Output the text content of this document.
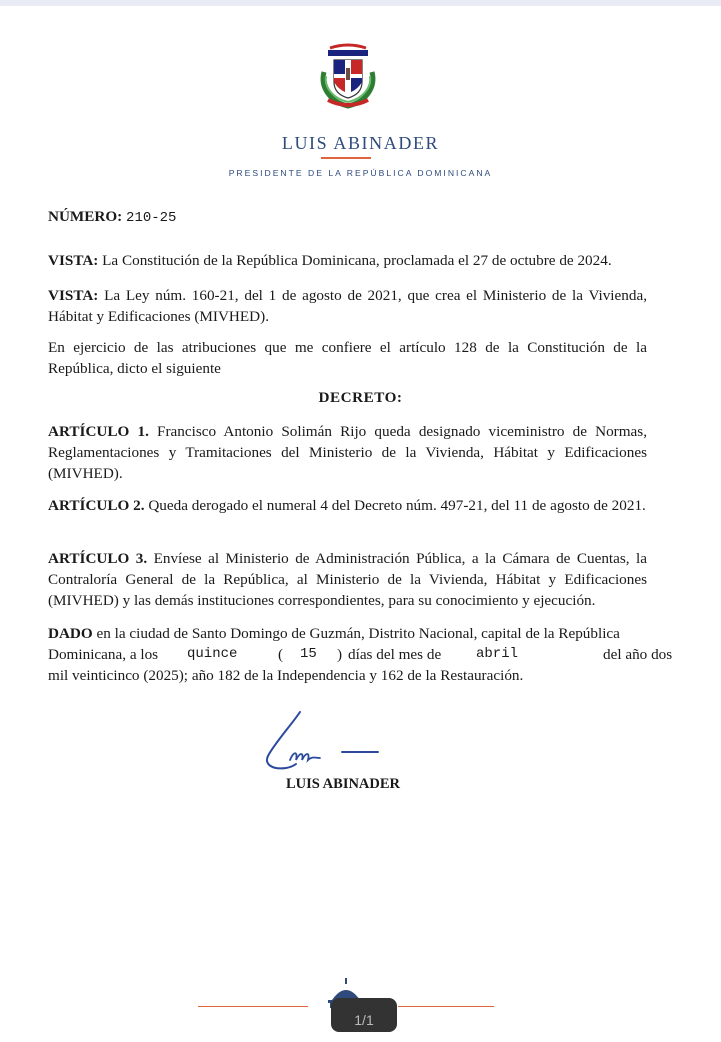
LUIS ABINADER
PRESIDENTE DE LA REPÚBLICA DOMINICANA
NÚMERO: 210-25
VISTA: La Constitución de la República Dominicana, proclamada el 27 de octubre de 2024.
VISTA: La Ley núm. 160-21, del 1 de agosto de 2021, que crea el Ministerio de la Vivienda, Hábitat y Edificaciones (MIVHED).
En ejercicio de las atribuciones que me confiere el artículo 128 de la Constitución de la República, dicto el siguiente
DECRETO:
ARTÍCULO 1. Francisco Antonio Solimán Rijo queda designado viceministro de Normas, Reglamentaciones y Tramitaciones del Ministerio de la Vivienda, Hábitat y Edificaciones (MIVHED).
ARTÍCULO 2. Queda derogado el numeral 4 del Decreto núm. 497-21, del 11 de agosto de 2021.
ARTÍCULO 3. Envíese al Ministerio de Administración Pública, a la Cámara de Cuentas, la Contraloría General de la República, al Ministerio de la Vivienda, Hábitat y Edificaciones (MIVHED) y las demás instituciones correspondientes, para su conocimiento y ejecución.
DADO en la ciudad de Santo Domingo de Guzmán, Distrito Nacional, capital de la República
Dominicana, a los quince	( 15 ) días del mes de abril	del año dos
mil veinticinco (2025); año 182 de la Independencia y 162 de la Restauración.
LUIS ABINADER
1/1
